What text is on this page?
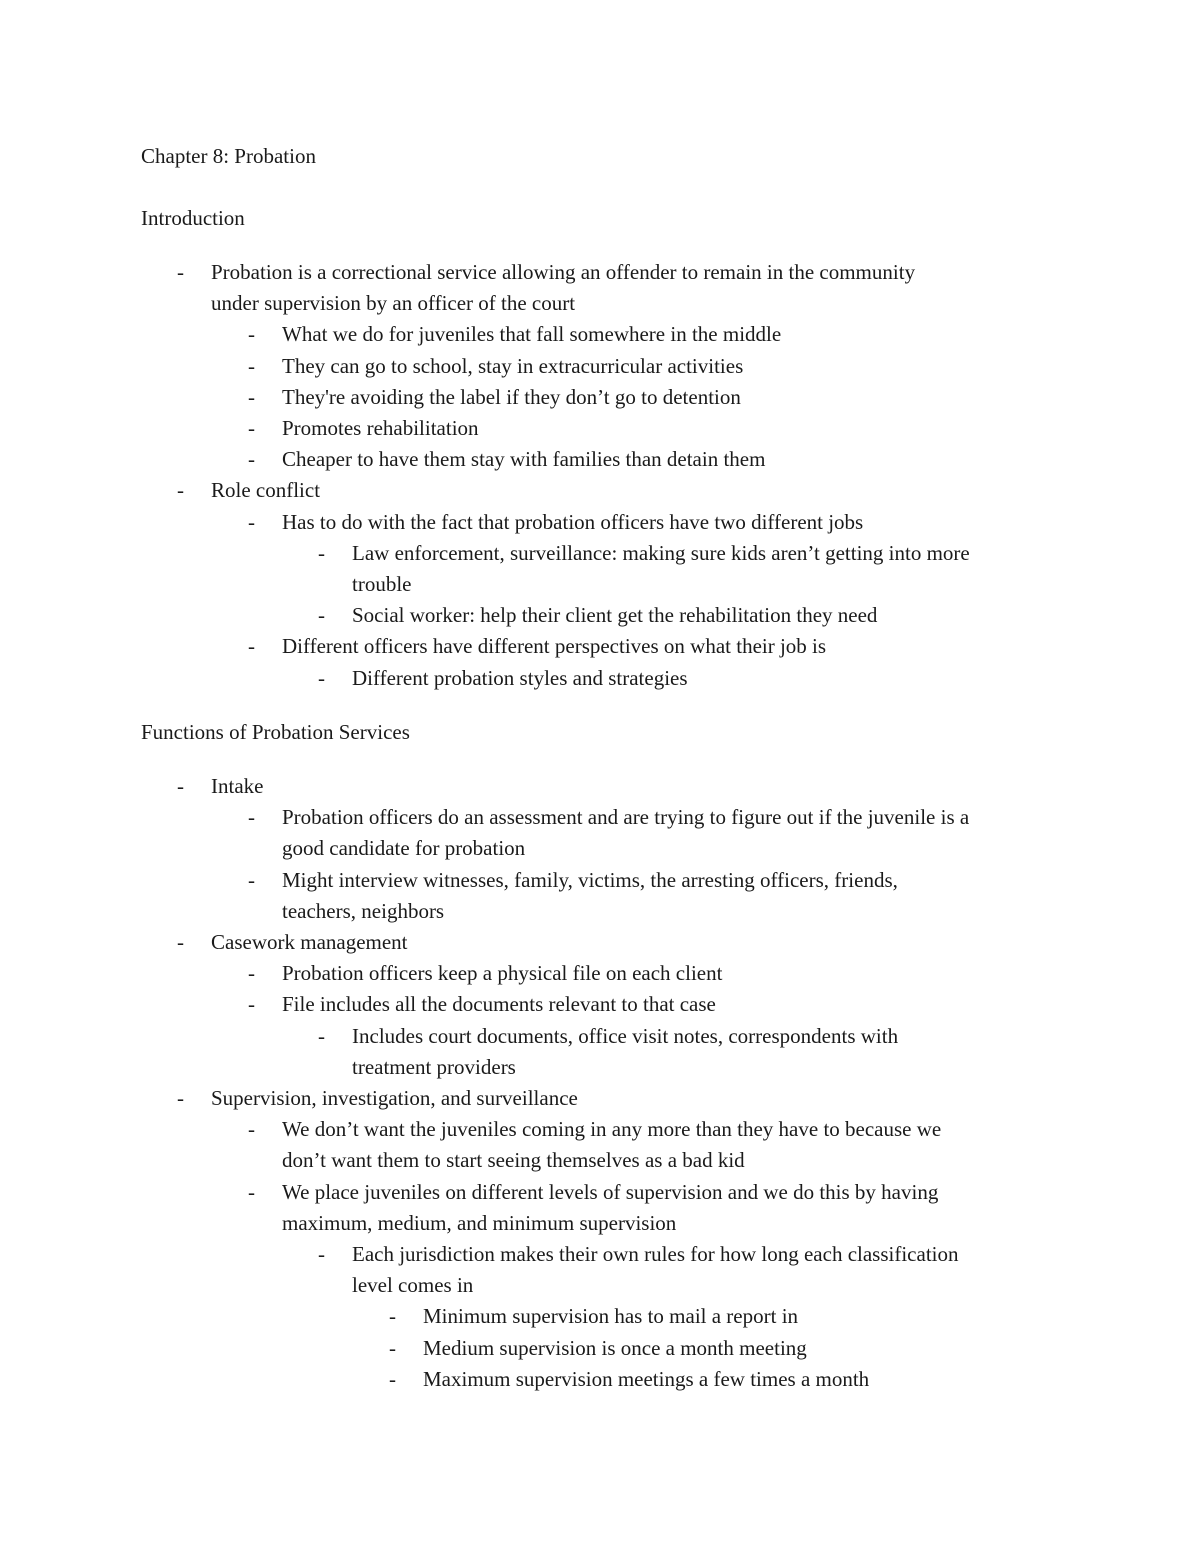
Chapter 8: Probation
Introduction
- Probation is a correctional service allowing an offender to remain in the community
under supervision by an officer of the court
- What we do for juveniles that fall somewhere in the middle
- They can go to school, stay in extracurricular activities
- They're avoiding the label if they don’t go to detention
- Promotes rehabilitation
- Cheaper to have them stay with families than detain them
- Role conflict
- Has to do with the fact that probation officers have two different jobs
- Law enforcement, surveillance: making sure kids aren’t getting into more
trouble
- Social worker: help their client get the rehabilitation they need
- Different officers have different perspectives on what their job is
- Different probation styles and strategies
Functions of Probation Services
- Intake
- Probation officers do an assessment and are trying to figure out if the juvenile is a
good candidate for probation
- Might interview witnesses, family, victims, the arresting officers, friends,
teachers, neighbors
- Casework management
- Probation officers keep a physical file on each client
- File includes all the documents relevant to that case
- Includes court documents, office visit notes, correspondents with
treatment providers
- Supervision, investigation, and surveillance
- We don’t want the juveniles coming in any more than they have to because we
don’t want them to start seeing themselves as a bad kid
- We place juveniles on different levels of supervision and we do this by having
maximum, medium, and minimum supervision
- Each jurisdiction makes their own rules for how long each classification
level comes in
- Minimum supervision has to mail a report in
- Medium supervision is once a month meeting
- Maximum supervision meetings a few times a month
